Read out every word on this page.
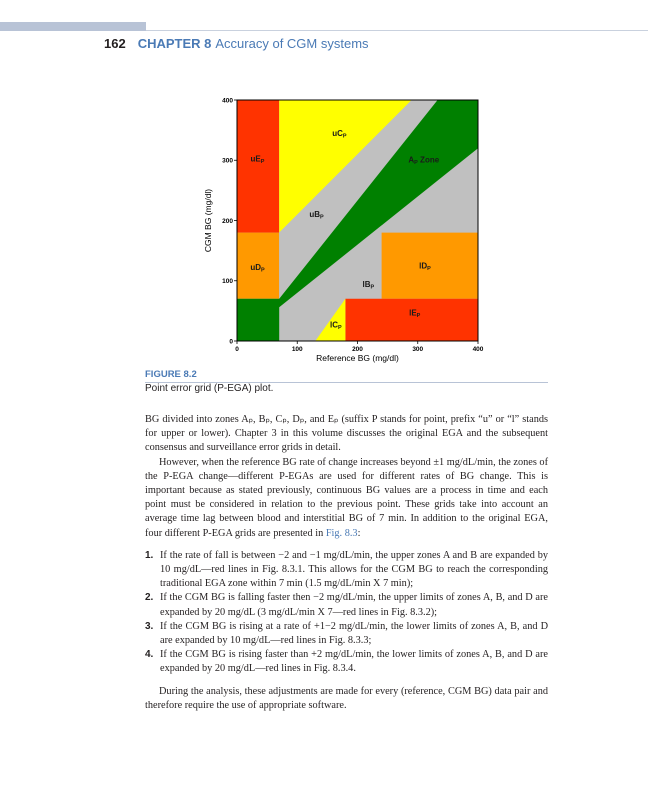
162 CHAPTER 8 Accuracy of CGM systems
0	100	200	300	400
0
100
200
300
400
Reference BG (mg/dl)
CGM BG (mg/dl)
uEP
uCP
uBP
uDP
AP Zone
lBP
lDP
lCP
lEP
FIGURE 8.2
Point error grid (P-EGA) plot.

BG divided into zones Aₚ, Bₚ, Cₚ, Dₚ, and Eₚ (suffix P stands for point, prefix “u” or “l” stands for upper or lower). Chapter 3 in this volume discusses the original EGA and the subsequent consensus and surveillance error grids in detail.

However, when the reference BG rate of change increases beyond ±1 mg/dL/min, the zones of the P-EGA change—different P-EGAs are used for different rates of BG change. This is important because as stated previously, continuous BG values are a process in time and each point must be considered in relation to the previous point. These grids take into account an average time lag between blood and interstitial BG of 7 min. In addition to the original EGA, four different P-EGA grids are presented in Fig. 8.3:

1. If the rate of fall is between −2 and −1 mg/dL/min, the upper zones A and B are expanded by 10 mg/dL—red lines in Fig. 8.3.1. This allows for the CGM BG to reach the corresponding traditional EGA zone within 7 min (1.5 mg/dL/min X 7 min);
2. If the CGM BG is falling faster then −2 mg/dL/min, the upper limits of zones A, B, and D are expanded by 20 mg/dL (3 mg/dL/min X 7—red lines in Fig. 8.3.2);
3. If the CGM BG is rising at a rate of +1−2 mg/dL/min, the lower limits of zones A, B, and D are expanded by 10 mg/dL—red lines in Fig. 8.3.3;
4. If the CGM BG is rising faster than +2 mg/dL/min, the lower limits of zones A, B, and D are expanded by 20 mg/dL—red lines in Fig. 8.3.4.

During the analysis, these adjustments are made for every (reference, CGM BG) data pair and therefore require the use of appropriate software.
